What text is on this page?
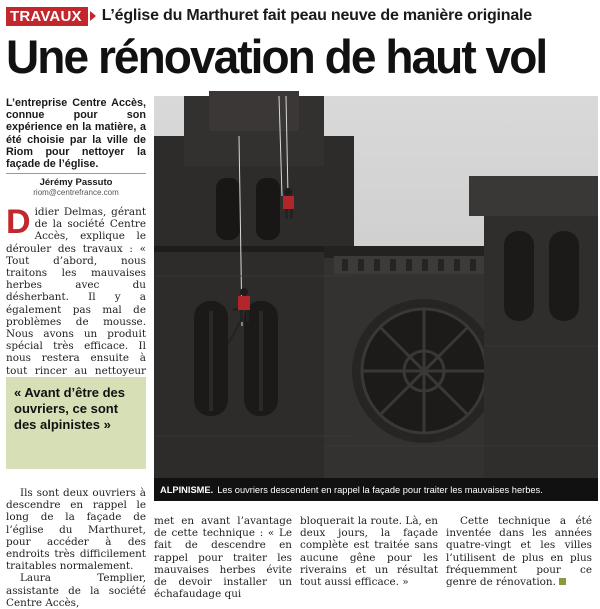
TRAVAUX	L’église du Marthuret fait peau neuve de manière originale
Une rénovation de haut vol
L’entreprise Centre Accès, connue pour son expérience en la matière, a été choisie par la ville de Riom pour nettoyer la façade de l’église.
Jérémy Passuto
riom@centrefrance.com
Didier Delmas, gérant de la société Centre Accès, explique le dérouler des travaux : « Tout d’abord, nous traitons les mauvaises herbes avec du désherbant. Il y a également pas mal de problèmes de mousse. Nous avons un produit spécial très efficace. Il nous restera ensuite à tout rincer au nettoyeur
« Avant d’être des ouvriers, ce sont des alpinistes »
ALPINISME. Les ouvriers descendent en rappel la façade pour traiter les mauvaises herbes.

Ils sont deux ouvriers à descendre en rappel le long de la façade de l’église du Marthuret, pour accéder à des endroits très difficilement traitables normalement.

Laura Templier, assistante de la société Centre Accès,

met en avant l’avantage de cette technique : « Le fait de descendre en rappel pour traiter les mauvaises herbes évite de devoir installer un échafaudage qui
bloquerait la route. Là, en deux jours, la façade complète est traitée sans aucune gêne pour les riverains et un résultat tout aussi efficace. »
Cette technique a été inventée dans les années quatre-vingt et les villes l’utilisent de plus en plus fréquemment pour ce genre de rénovation.
